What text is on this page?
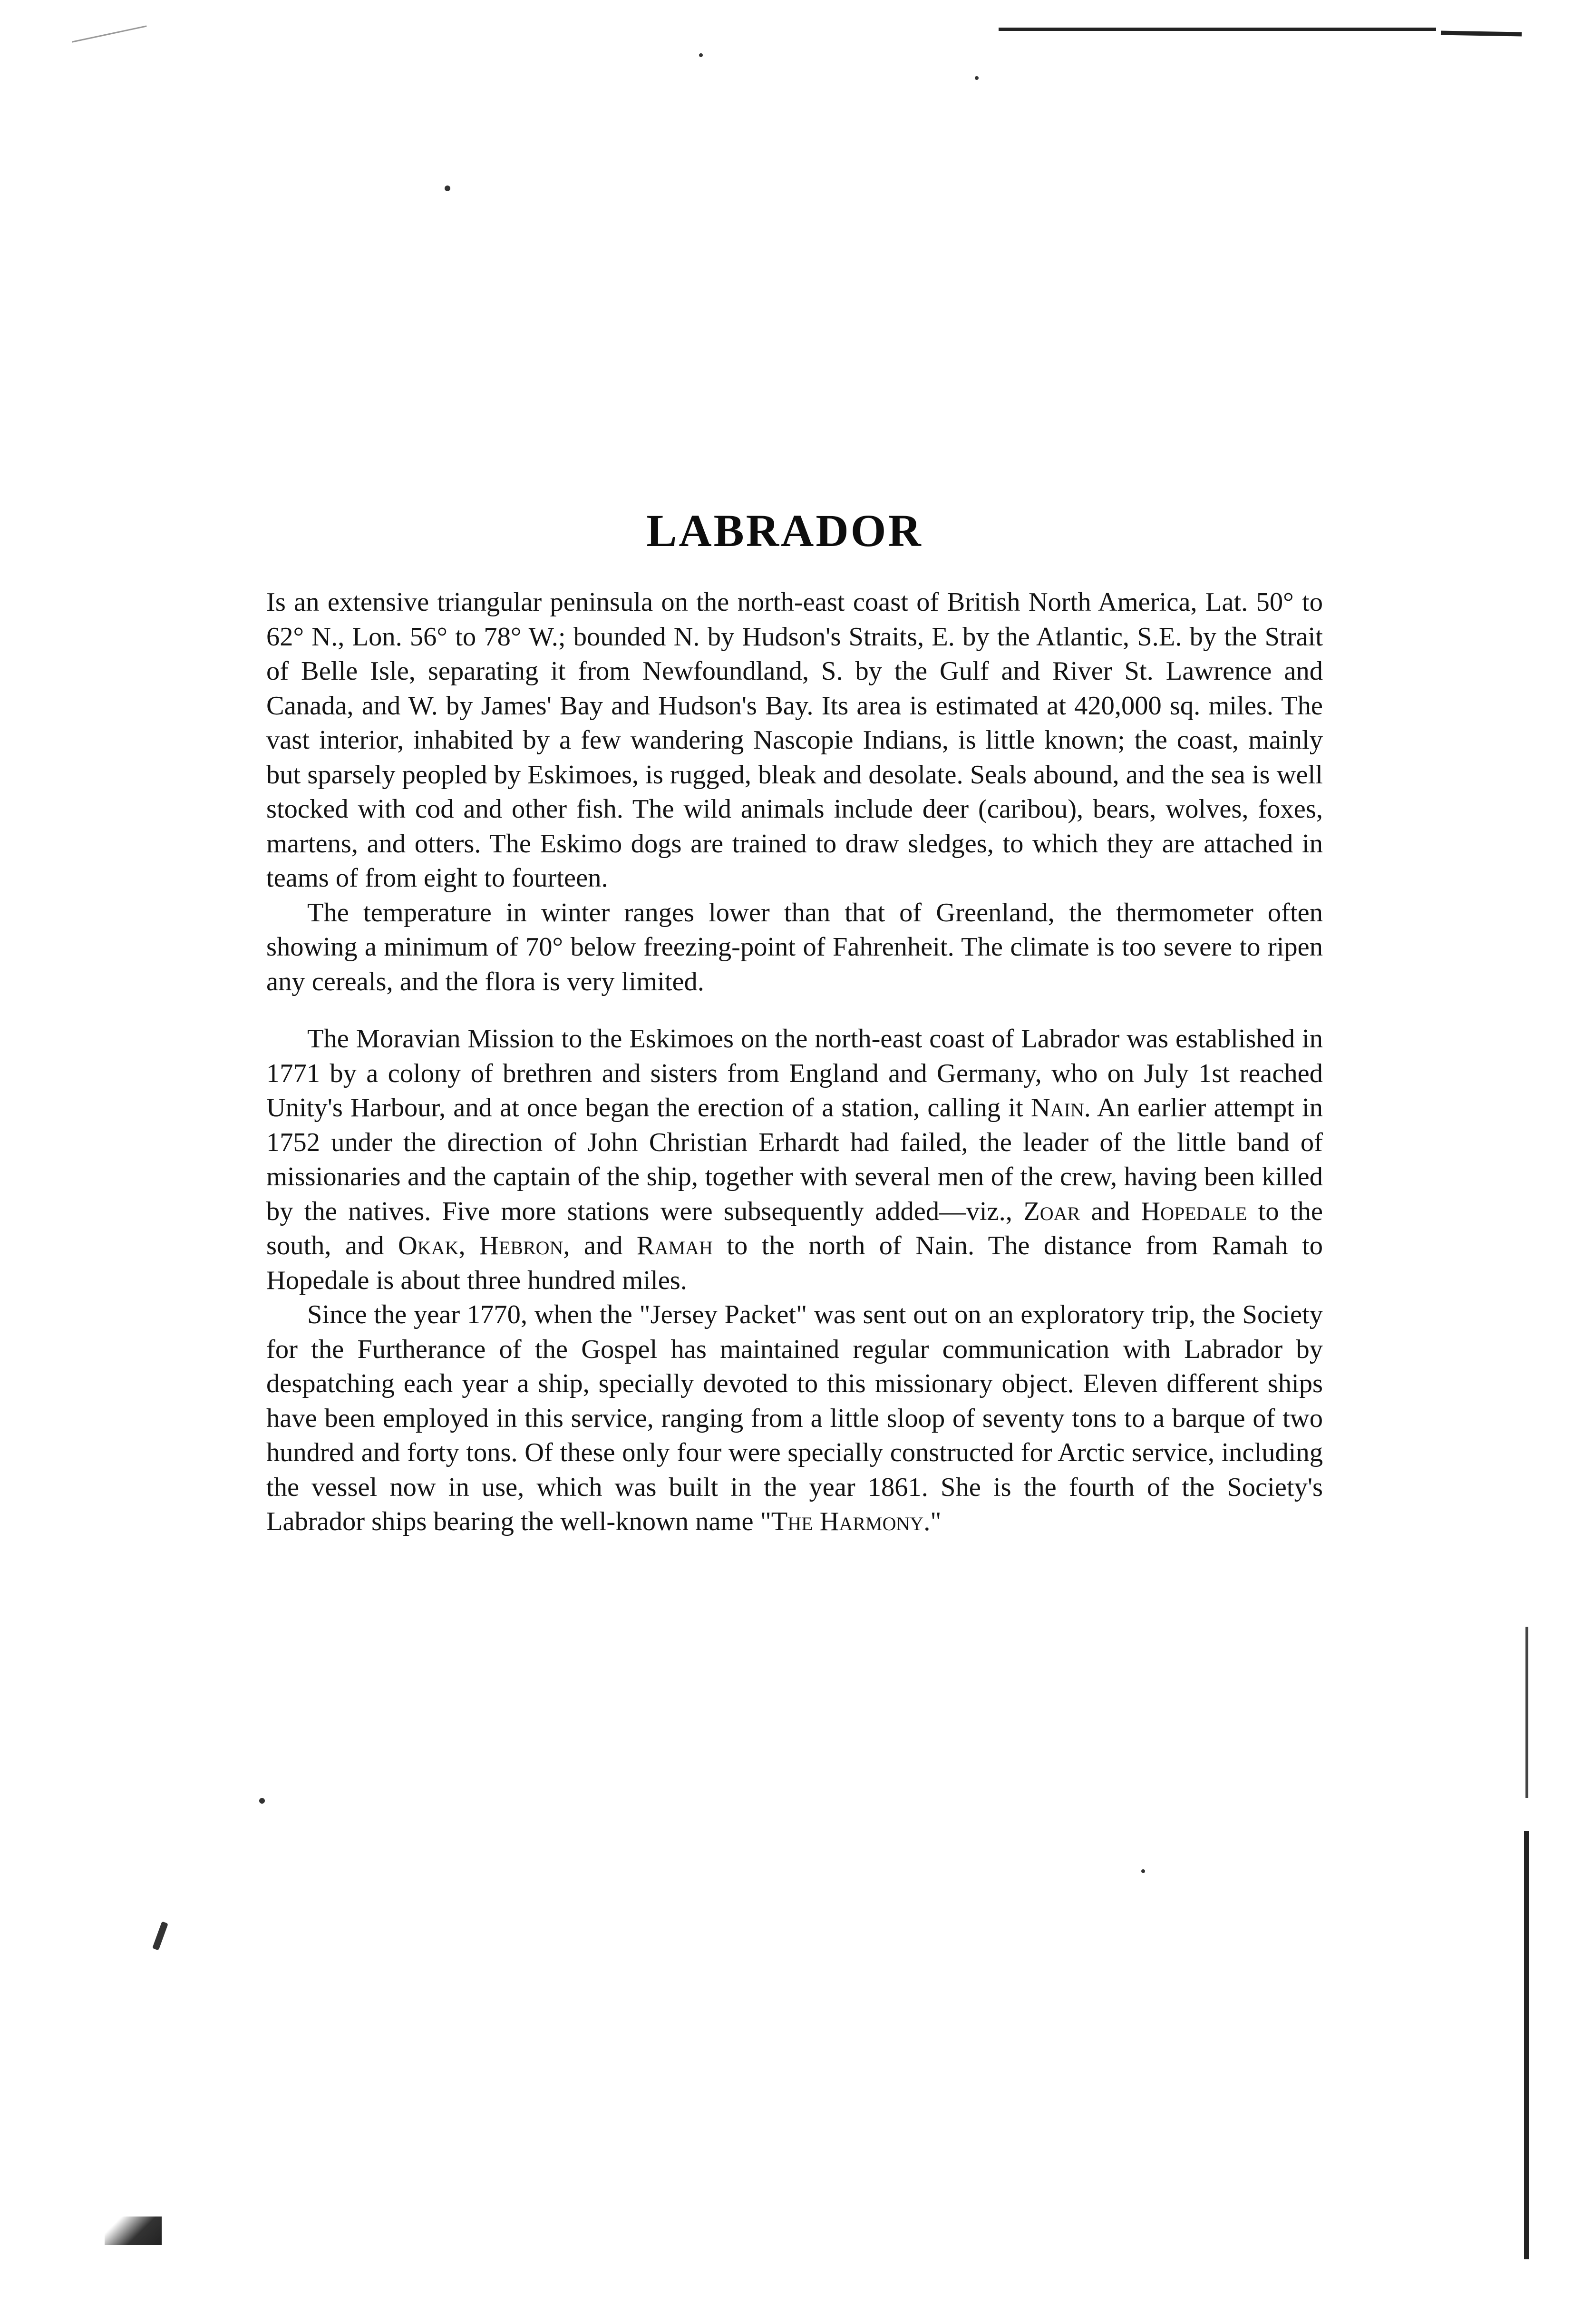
LABRADOR

Is an extensive triangular peninsula on the north-east coast of British North America, Lat. 50° to 62° N., Lon. 56° to 78° W.; bounded N. by Hudson's Straits, E. by the Atlantic, S.E. by the Strait of Belle Isle, separating it from Newfoundland, S. by the Gulf and River St. Lawrence and Canada, and W. by James' Bay and Hudson's Bay. Its area is estimated at 420,000 sq. miles. The vast interior, inhabited by a few wandering Nascopie Indians, is little known; the coast, mainly but sparsely peopled by Eskimoes, is rugged, bleak and desolate. Seals abound, and the sea is well stocked with cod and other fish. The wild animals include deer (caribou), bears, wolves, foxes, martens, and otters. The Eskimo dogs are trained to draw sledges, to which they are attached in teams of from eight to fourteen.

The temperature in winter ranges lower than that of Greenland, the thermometer often showing a minimum of 70° below freezing-point of Fahrenheit. The climate is too severe to ripen any cereals, and the flora is very limited.

The Moravian Mission to the Eskimoes on the north-east coast of Labrador was established in 1771 by a colony of brethren and sisters from England and Germany, who on July 1st reached Unity's Harbour, and at once began the erection of a station, calling it Nain. An earlier attempt in 1752 under the direction of John Christian Erhardt had failed, the leader of the little band of missionaries and the captain of the ship, together with several men of the crew, having been killed by the natives. Five more stations were subsequently added—viz., Zoar and Hopedale to the south, and Okak, Hebron, and Ramah to the north of Nain. The distance from Ramah to Hopedale is about three hundred miles.

Since the year 1770, when the "Jersey Packet" was sent out on an exploratory trip, the Society for the Furtherance of the Gospel has maintained regular communication with Labrador by despatching each year a ship, specially devoted to this missionary object. Eleven different ships have been employed in this service, ranging from a little sloop of seventy tons to a barque of two hundred and forty tons. Of these only four were specially constructed for Arctic service, including the vessel now in use, which was built in the year 1861. She is the fourth of the Society's Labrador ships bearing the well-known name "The Harmony."
